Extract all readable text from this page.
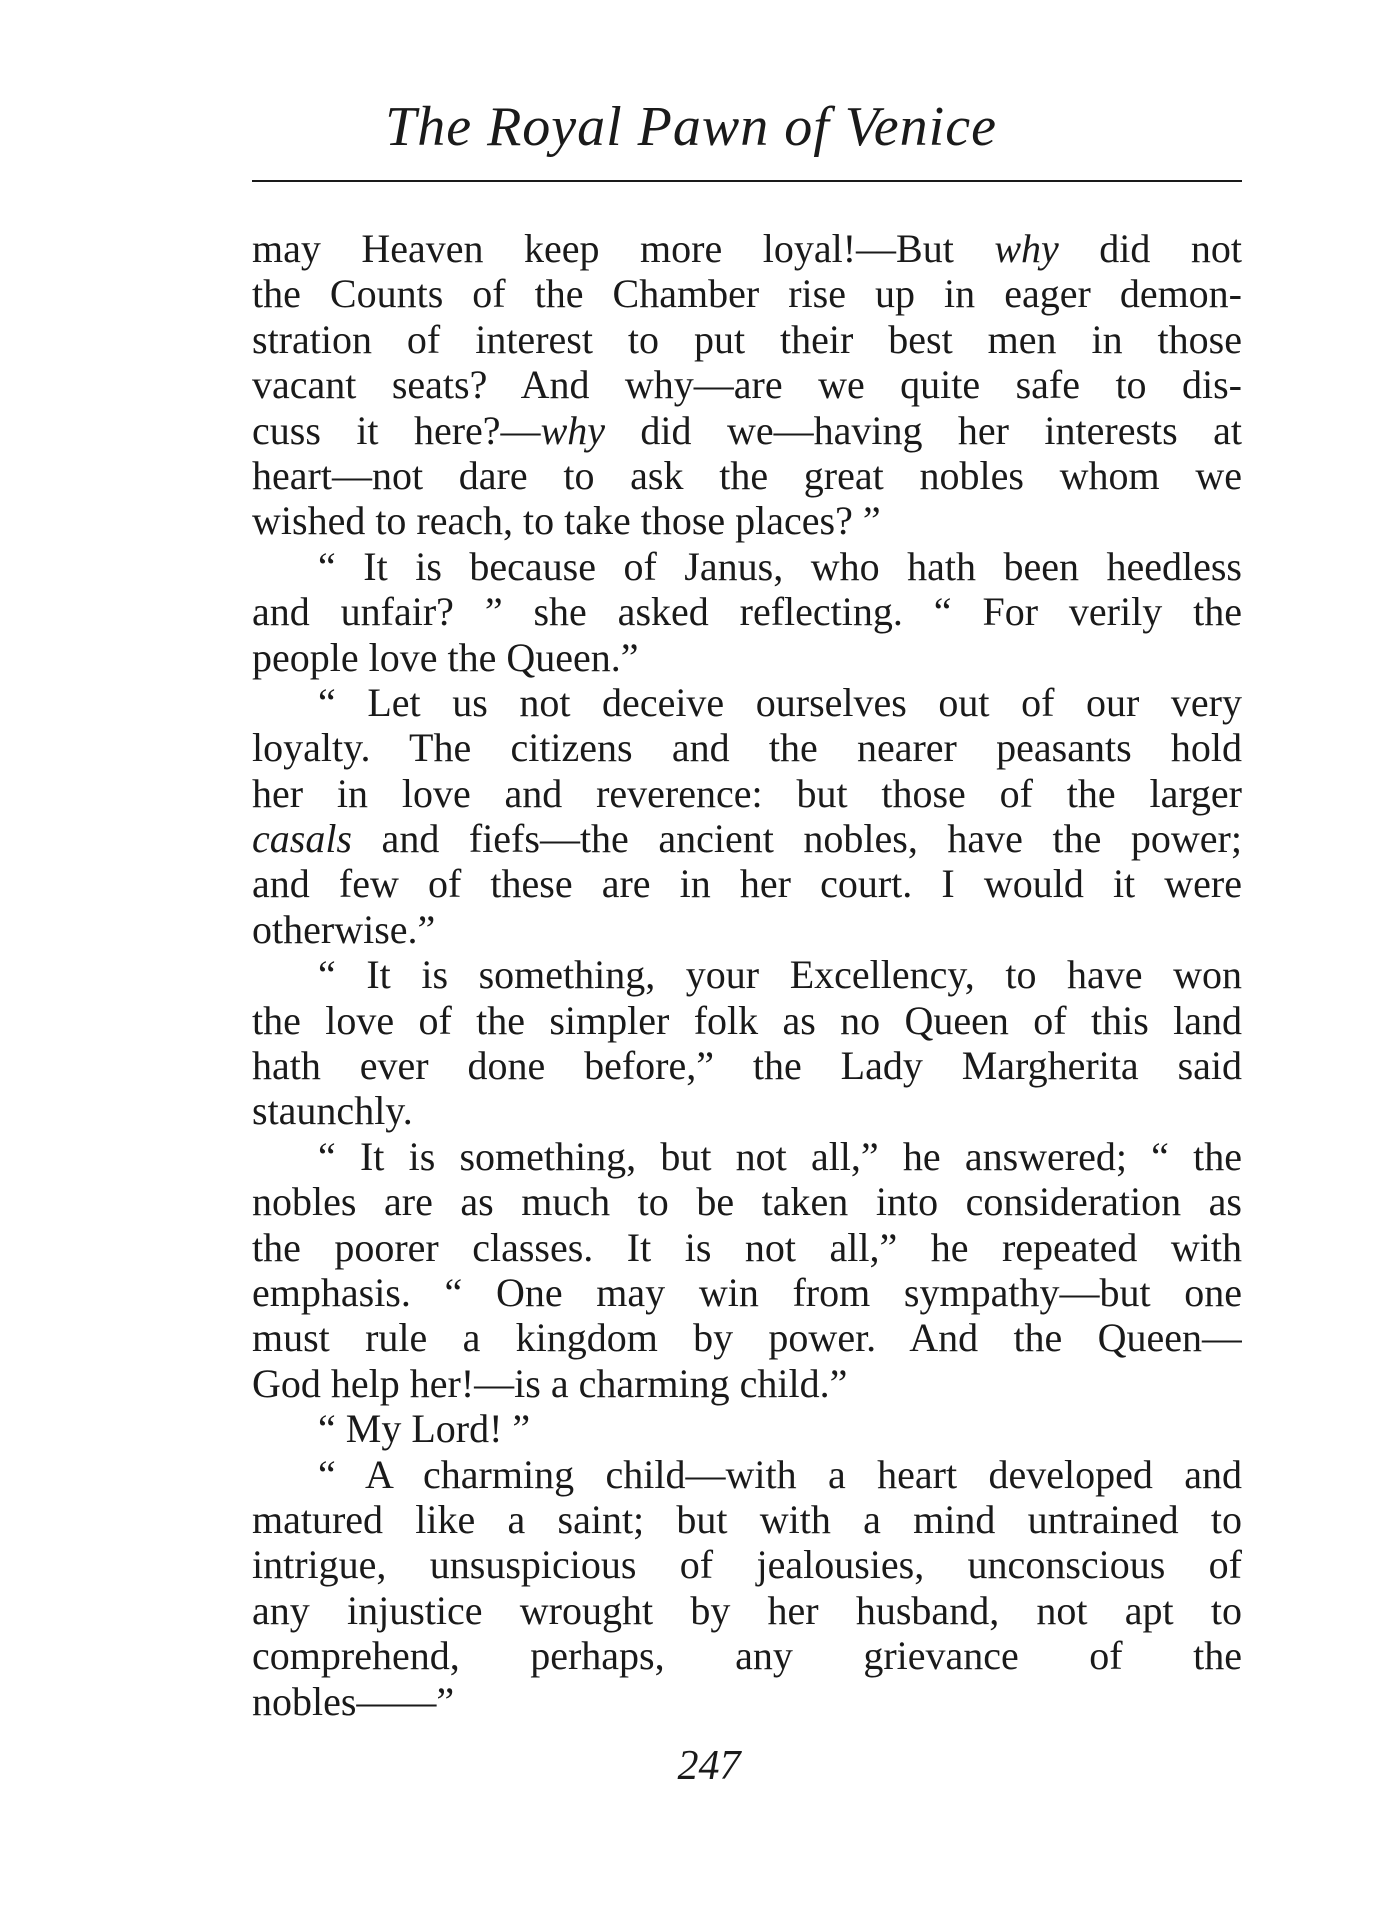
The Royal Pawn of Venice
may Heaven keep more loyal!—But why did not
the Counts of the Chamber rise up in eager demon-
stration of interest to put their best men in those
vacant seats? And why—are we quite safe to dis-
cuss it here?—why did we—having her interests at
heart—not dare to ask the great nobles whom we
wished to reach, to take those places? ”
“ It is because of Janus, who hath been heedless
and unfair? ” she asked reflecting. “ For verily the
people love the Queen.”
“ Let us not deceive ourselves out of our very
loyalty. The citizens and the nearer peasants hold
her in love and reverence: but those of the larger
casals and fiefs—the ancient nobles, have the power;
and few of these are in her court. I would it were
otherwise.”
“ It is something, your Excellency, to have won
the love of the simpler folk as no Queen of this land
hath ever done before,” the Lady Margherita said
staunchly.
“ It is something, but not all,” he answered; “ the
nobles are as much to be taken into consideration as
the poorer classes. It is not all,” he repeated with
emphasis. “ One may win from sympathy—but one
must rule a kingdom by power. And the Queen—
God help her!—is a charming child.”
“ My Lord! ”
“ A charming child—with a heart developed and
matured like a saint; but with a mind untrained to
intrigue, unsuspicious of jealousies, unconscious of
any injustice wrought by her husband, not apt to
comprehend, perhaps, any grievance of the
nobles——”
247
